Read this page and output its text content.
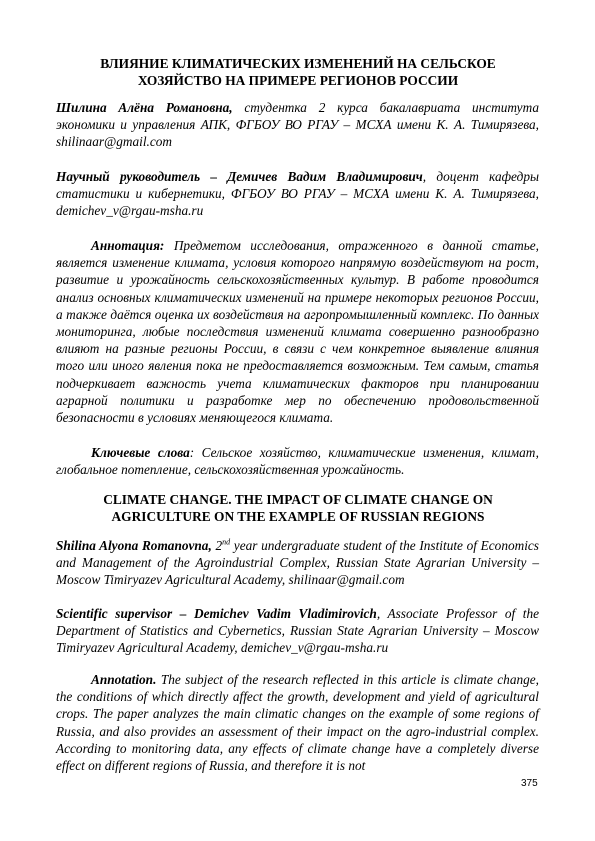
ВЛИЯНИЕ КЛИМАТИЧЕСКИХ ИЗМЕНЕНИЙ НА СЕЛЬСКОЕ
ХОЗЯЙСТВО НА ПРИМЕРЕ РЕГИОНОВ РОССИИ

Шилина Алёна Романовна, студентка 2 курса бакалавриата института экономики и управления АПК, ФГБОУ ВО РГАУ – МСХА имени К. А. Тимирязева, shilinaar@gmail.com

Научный руководитель – Демичев Вадим Владимирович, доцент кафедры статистики и кибернетики, ФГБОУ ВО РГАУ – МСХА имени К. А. Тимирязева, demichev_v@rgau-msha.ru

Аннотация: Предметом исследования, отраженного в данной статье, является изменение климата, условия которого напрямую воздействуют на рост, развитие и урожайность сельскохозяйственных культур. В работе проводится анализ основных климатических изменений на примере некоторых регионов России, а также даётся оценка их воздействия на агропромышленный комплекс. По данных мониторинга, любые последствия изменений климата совершенно разнообразно влияют на разные регионы России, в связи с чем конкретное выявление влияния того или иного явления пока не предоставляется возможным. Тем самым, статья подчеркивает важность учета климатических факторов при планировании аграрной политики и разработке мер по обеспечению продовольственной безопасности в условиях меняющегося климата.

Ключевые слова: Сельское хозяйство, климатические изменения, климат, глобальное потепление, сельскохозяйственная урожайность.

CLIMATE CHANGE. THE IMPACT OF CLIMATE CHANGE ON
AGRICULTURE ON THE EXAMPLE OF RUSSIAN REGIONS

Shilina Alyona Romanovna, 2nd year undergraduate student of the Institute of Economics and Management of the Agroindustrial Complex, Russian State Agrarian University – Moscow Timiryazev Agricultural Academy, shilinaar@gmail.com

Scientific supervisor – Demichev Vadim Vladimirovich, Associate Professor of the Department of Statistics and Cybernetics, Russian State Agrarian University – Moscow Timiryazev Agricultural Academy, demichev_v@rgau-msha.ru

Annotation. The subject of the research reflected in this article is climate change, the conditions of which directly affect the growth, development and yield of agricultural crops. The paper analyzes the main climatic changes on the example of some regions of Russia, and also provides an assessment of their impact on the agro-industrial complex. According to monitoring data, any effects of climate change have a completely diverse effect on different regions of Russia, and therefore it is not

375
